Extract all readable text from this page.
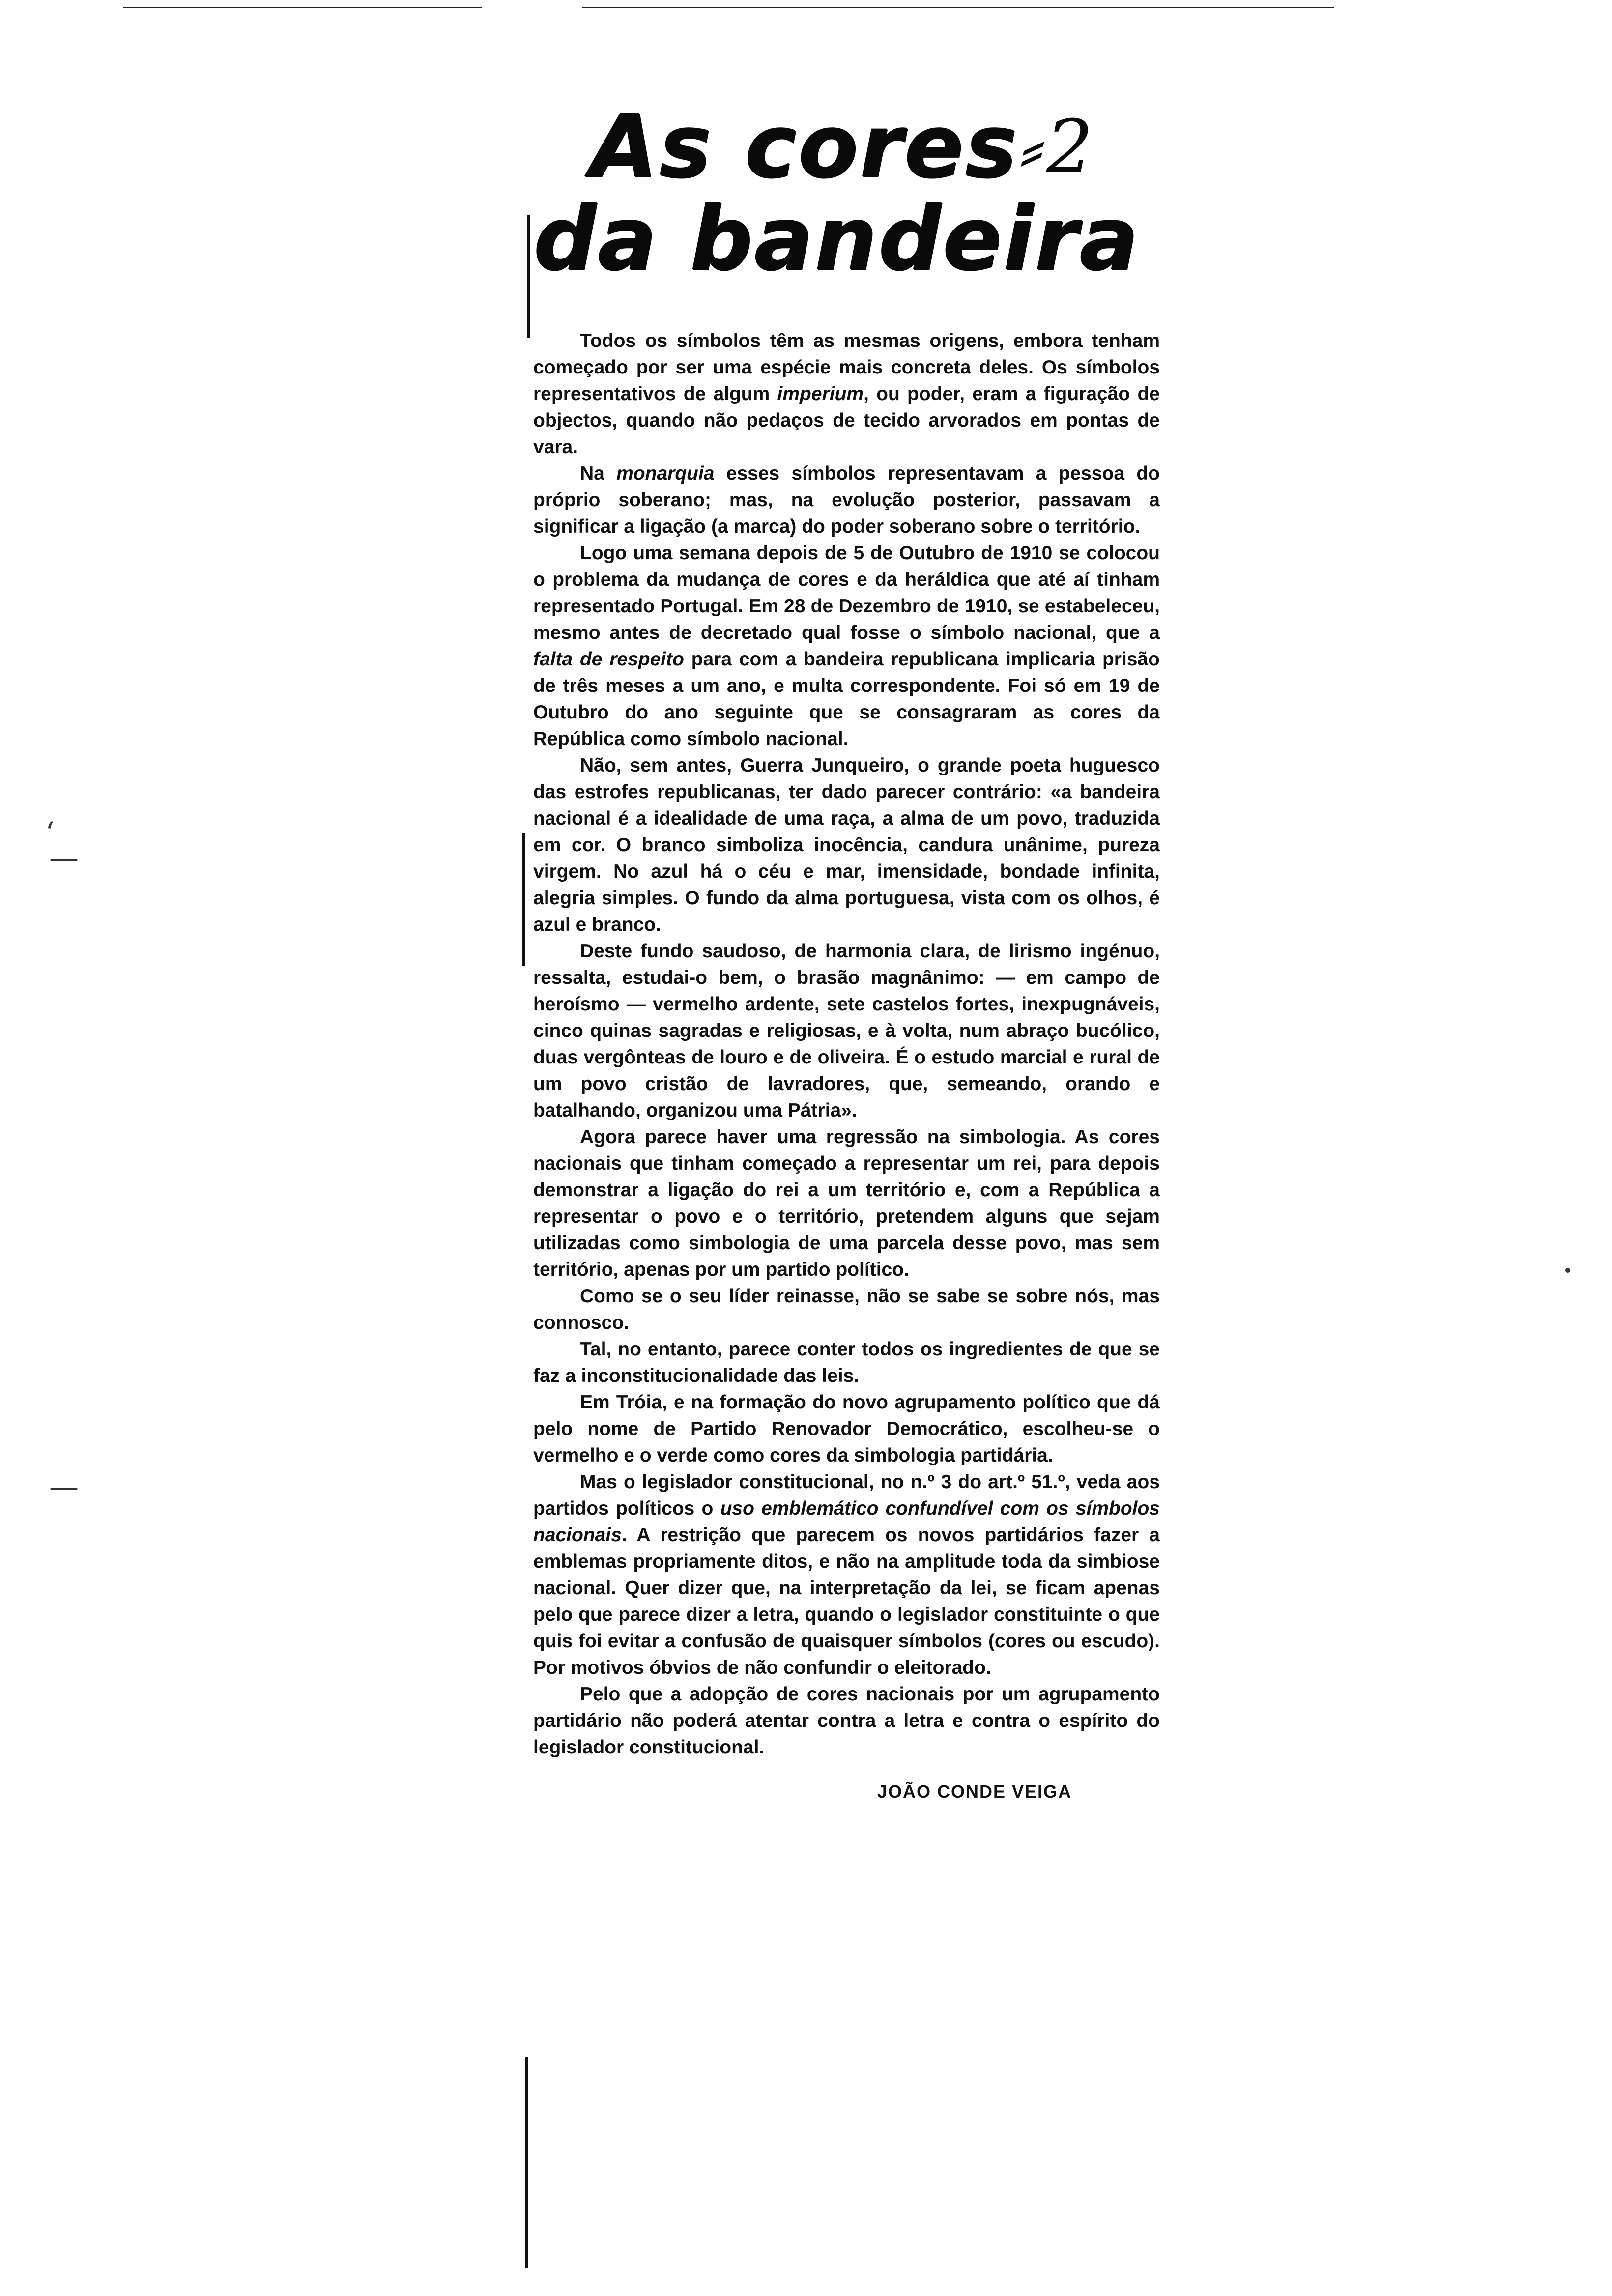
‘
—
—
As cores⸗2
da bandeira

Todos os símbolos têm as mesmas origens, embora tenham começado por ser uma espécie mais concreta deles. Os símbolos representativos de algum imperium, ou poder, eram a figuração de objectos, quando não pedaços de tecido arvorados em pontas de vara.

Na monarquia esses símbolos representavam a pessoa do próprio soberano; mas, na evolução posterior, passavam a significar a ligação (a marca) do poder soberano sobre o território.

Logo uma semana depois de 5 de Outubro de 1910 se colocou o problema da mudança de cores e da heráldica que até aí tinham representado Portugal. Em 28 de Dezembro de 1910, se estabeleceu, mesmo antes de decretado qual fosse o símbolo nacional, que a falta de respeito para com a bandeira republicana implicaria prisão de três meses a um ano, e multa correspondente. Foi só em 19 de Outubro do ano seguinte que se consagraram as cores da República como símbolo nacional.

Não, sem antes, Guerra Junqueiro, o grande poeta huguesco das estrofes republicanas, ter dado parecer contrário: «a bandeira nacional é a idealidade de uma raça, a alma de um povo, traduzida em cor. O branco simboliza inocência, candura unânime, pureza virgem. No azul há o céu e mar, imensidade, bondade infinita, alegria simples. O fundo da alma portuguesa, vista com os olhos, é azul e branco.

Deste fundo saudoso, de harmonia clara, de lirismo ingénuo, ressalta, estudai-o bem, o brasão magnânimo: — em campo de heroísmo — vermelho ardente, sete castelos fortes, inexpugnáveis, cinco quinas sagradas e religiosas, e à volta, num abraço bucólico, duas vergônteas de louro e de oliveira. É o estudo marcial e rural de um povo cristão de lavradores, que, semeando, orando e batalhando, organizou uma Pátria».

Agora parece haver uma regressão na simbologia. As cores nacionais que tinham começado a representar um rei, para depois demonstrar a ligação do rei a um território e, com a República a representar o povo e o território, pretendem alguns que sejam utilizadas como simbologia de uma parcela desse povo, mas sem território, apenas por um partido político.

Como se o seu líder reinasse, não se sabe se sobre nós, mas connosco.

Tal, no entanto, parece conter todos os ingredientes de que se faz a inconstitucionalidade das leis.

Em Tróia, e na formação do novo agrupamento político que dá pelo nome de Partido Renovador Democrático, escolheu-se o vermelho e o verde como cores da simbologia partidária.

Mas o legislador constitucional, no n.º 3 do art.º 51.º, veda aos partidos políticos o uso emblemático confundível com os símbolos nacionais. A restrição que parecem os novos partidários fazer a emblemas propriamente ditos, e não na amplitude toda da simbiose nacional. Quer dizer que, na interpretação da lei, se ficam apenas pelo que parece dizer a letra, quando o legislador constituinte o que quis foi evitar a confusão de quaisquer símbolos (cores ou escudo). Por motivos óbvios de não confundir o eleitorado.

Pelo que a adopção de cores nacionais por um agrupamento partidário não poderá atentar contra a letra e contra o espírito do legislador constitucional.

JOÃO CONDE VEIGA
